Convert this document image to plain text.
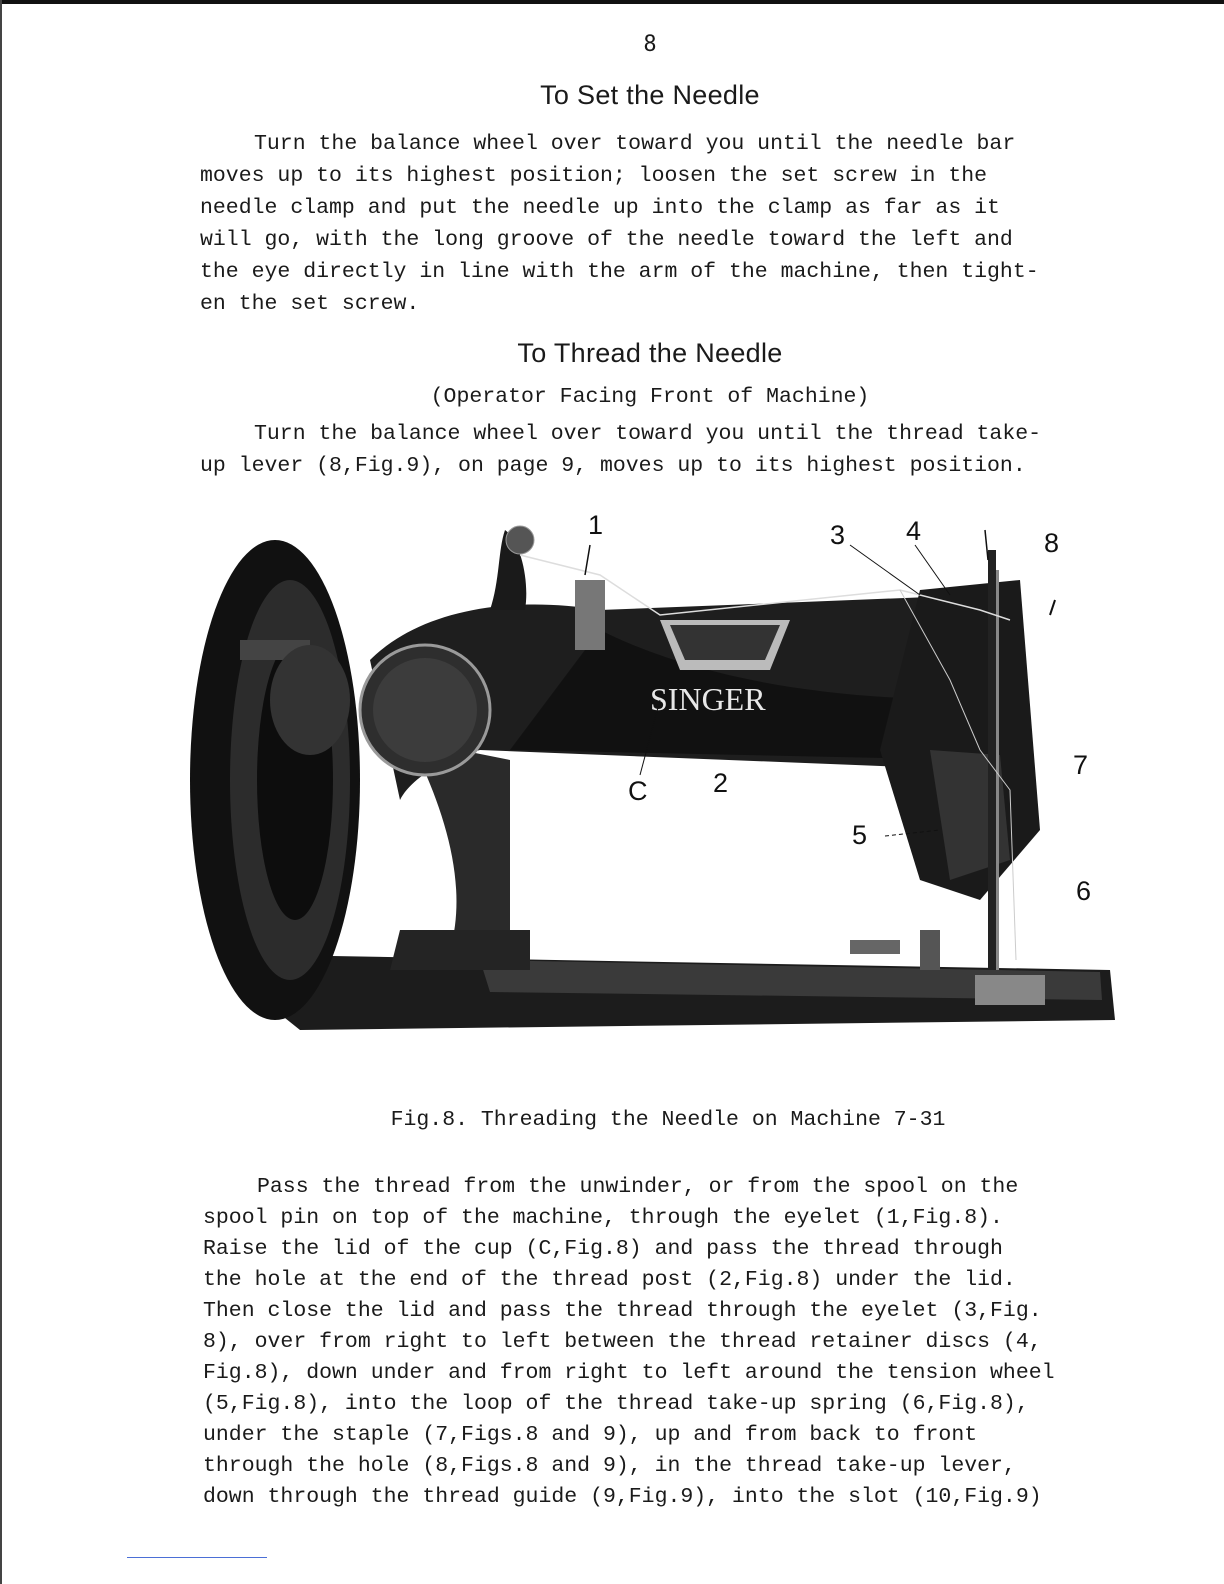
8
To Set the Needle
Turn the balance wheel over toward you until the needle bar
moves up to its highest position; loosen the set screw in the
needle clamp and put the needle up into the clamp as far as it
will go, with the long groove of the needle toward the left and
the eye directly in line with the arm of the machine, then tight-
en the set screw.
To Thread the Needle
(Operator Facing Front of Machine)
Turn the balance wheel over toward you until the thread take-
up lever (8,Fig.9), on page 9, moves up to its highest position.
SINGER
1	3 4	8
7
C 2
5
6
Fig.8. Threading the Needle on Machine 7-31
Pass the thread from the unwinder, or from the spool on the
spool pin on top of the machine, through the eyelet (1,Fig.8).
Raise the lid of the cup (C,Fig.8) and pass the thread through
the hole at the end of the thread post (2,Fig.8) under the lid.
Then close the lid and pass the thread through the eyelet (3,Fig.
8), over from right to left between the thread retainer discs (4,
Fig.8), down under and from right to left around the tension wheel
(5,Fig.8), into the loop of the thread take-up spring (6,Fig.8),
under the staple (7,Figs.8 and 9), up and from back to front
through the hole (8,Figs.8 and 9), in the thread take-up lever,
down through the thread guide (9,Fig.9), into the slot (10,Fig.9)
